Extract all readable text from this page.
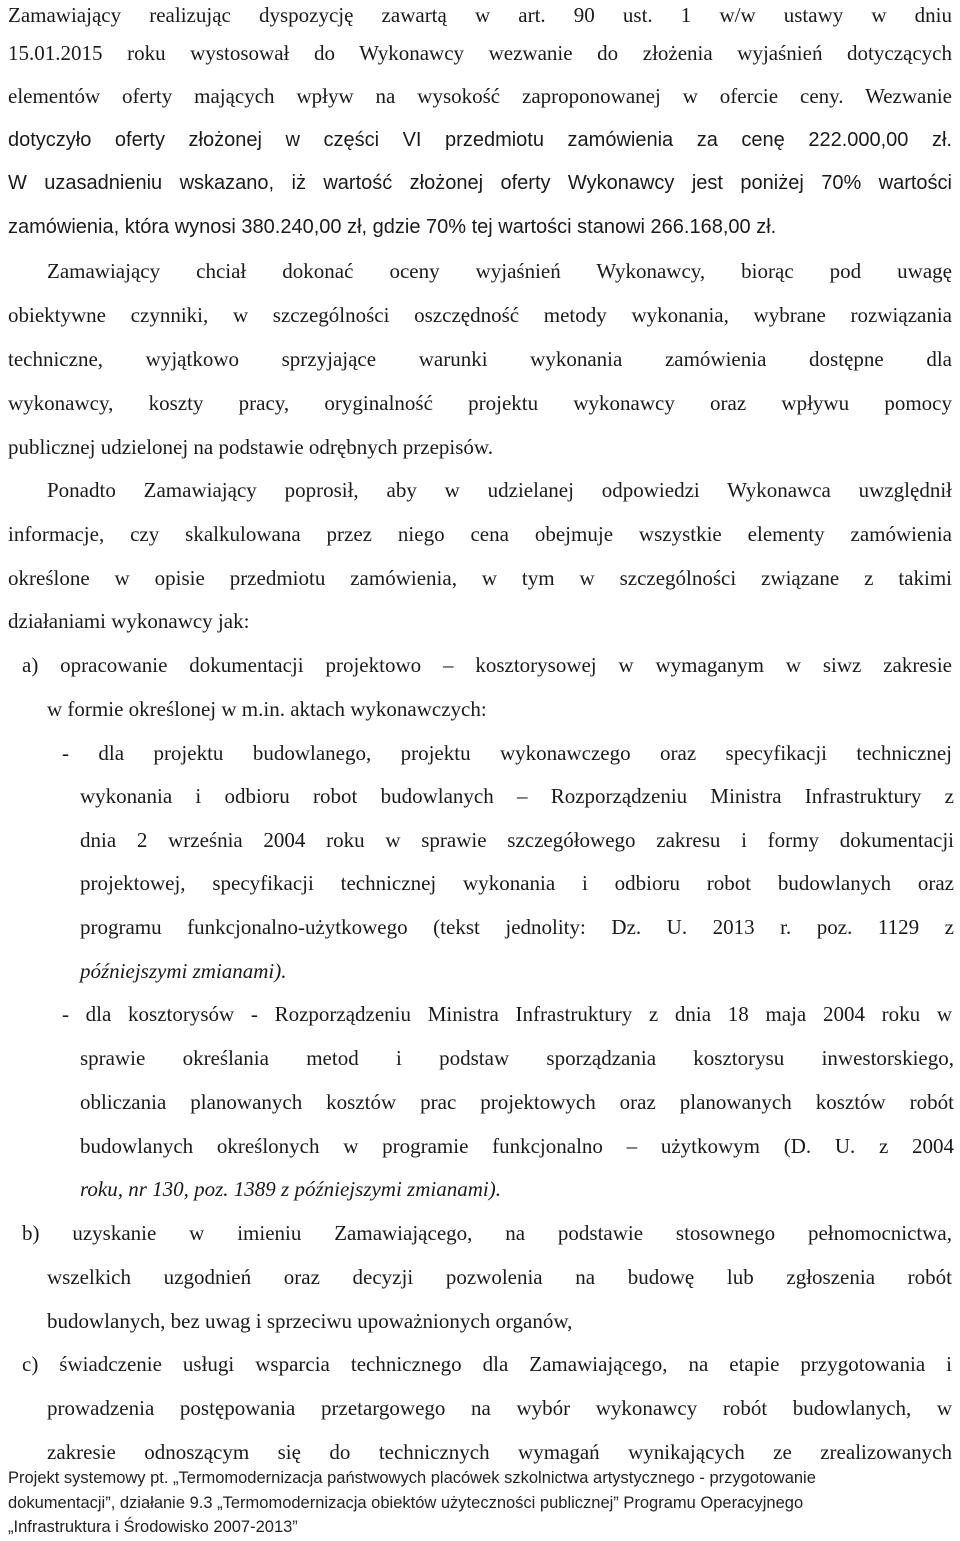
Zamawiający realizując dyspozycję zawartą w art. 90 ust. 1 w/w ustawy w dniu
15.01.2015 roku wystosował do Wykonawcy wezwanie do złożenia wyjaśnień dotyczących
elementów oferty mających wpływ na wysokość zaproponowanej w ofercie ceny. Wezwanie
dotyczyło oferty złożonej w części VI przedmiotu zamówienia za cenę 222.000,00 zł.
W uzasadnieniu wskazano, iż wartość złożonej oferty Wykonawcy jest poniżej 70% wartości
zamówienia, która wynosi 380.240,00 zł, gdzie 70% tej wartości stanowi 266.168,00 zł.
Zamawiający chciał dokonać oceny wyjaśnień Wykonawcy, biorąc pod uwagę
obiektywne czynniki, w szczególności oszczędność metody wykonania, wybrane rozwiązania
techniczne, wyjątkowo sprzyjające warunki wykonania zamówienia dostępne dla
wykonawcy, koszty pracy, oryginalność projektu wykonawcy oraz wpływu pomocy
publicznej udzielonej na podstawie odrębnych przepisów.
Ponadto Zamawiający poprosił, aby w udzielanej odpowiedzi Wykonawca uwzględnił
informacje, czy skalkulowana przez niego cena obejmuje wszystkie elementy zamówienia
określone w opisie przedmiotu zamówienia, w tym w szczególności związane z takimi
działaniami wykonawcy jak:
a) opracowanie dokumentacji projektowo – kosztorysowej w wymaganym w siwz zakresie
w formie określonej w m.in. aktach wykonawczych:
- dla projektu budowlanego, projektu wykonawczego oraz specyfikacji technicznej
wykonania i odbioru robot budowlanych – Rozporządzeniu Ministra Infrastruktury z
dnia 2 września 2004 roku w sprawie szczegółowego zakresu i formy dokumentacji
projektowej, specyfikacji technicznej wykonania i odbioru robot budowlanych oraz
programu funkcjonalno-użytkowego (tekst jednolity: Dz. U. 2013 r. poz. 1129 z
późniejszymi zmianami).
- dla kosztorysów - Rozporządzeniu Ministra Infrastruktury z dnia 18 maja 2004 roku w
sprawie określania metod i podstaw sporządzania kosztorysu inwestorskiego,
obliczania planowanych kosztów prac projektowych oraz planowanych kosztów robót
budowlanych określonych w programie funkcjonalno – użytkowym (D. U. z 2004
roku, nr 130, poz. 1389 z późniejszymi zmianami).
b) uzyskanie w imieniu Zamawiającego, na podstawie stosownego pełnomocnictwa,
wszelkich uzgodnień oraz decyzji pozwolenia na budowę lub zgłoszenia robót
budowlanych, bez uwag i sprzeciwu upoważnionych organów,
c) świadczenie usługi wsparcia technicznego dla Zamawiającego, na etapie przygotowania i
prowadzenia postępowania przetargowego na wybór wykonawcy robót budowlanych, w
zakresie odnoszącym się do technicznych wymagań wynikających ze zrealizowanych
Projekt systemowy pt. „Termomodernizacja państwowych placówek szkolnictwa artystycznego - przygotowanie
dokumentacji”, działanie 9.3 „Termomodernizacja obiektów użyteczności publicznej” Programu Operacyjnego
„Infrastruktura i Środowisko 2007-2013”
